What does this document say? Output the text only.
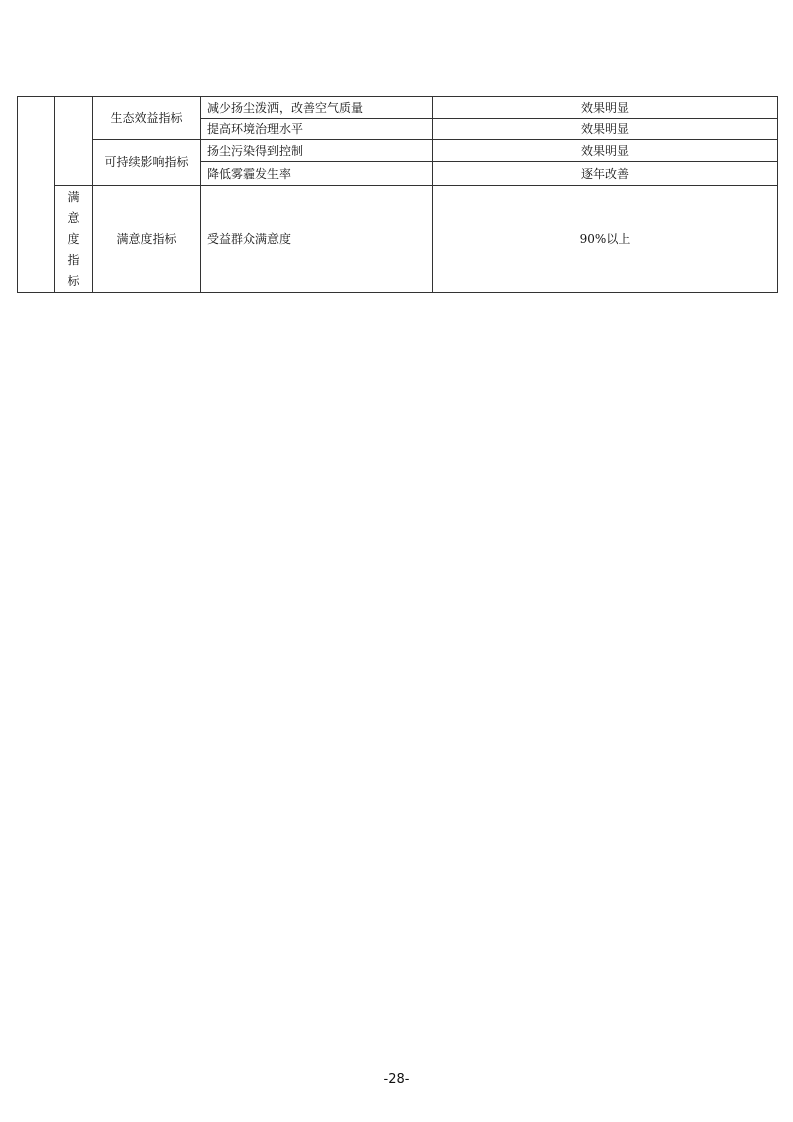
		生态效益指标	减少扬尘泼洒，改善空气质量	效果明显
			提高环境治理水平	效果明显

		可持续影响指标	扬尘污染得到控制	效果明显
			降低雾霾发生率	逐年改善

	满意度指标	满意度指标	受益群众满意度	90%以上
-28-
